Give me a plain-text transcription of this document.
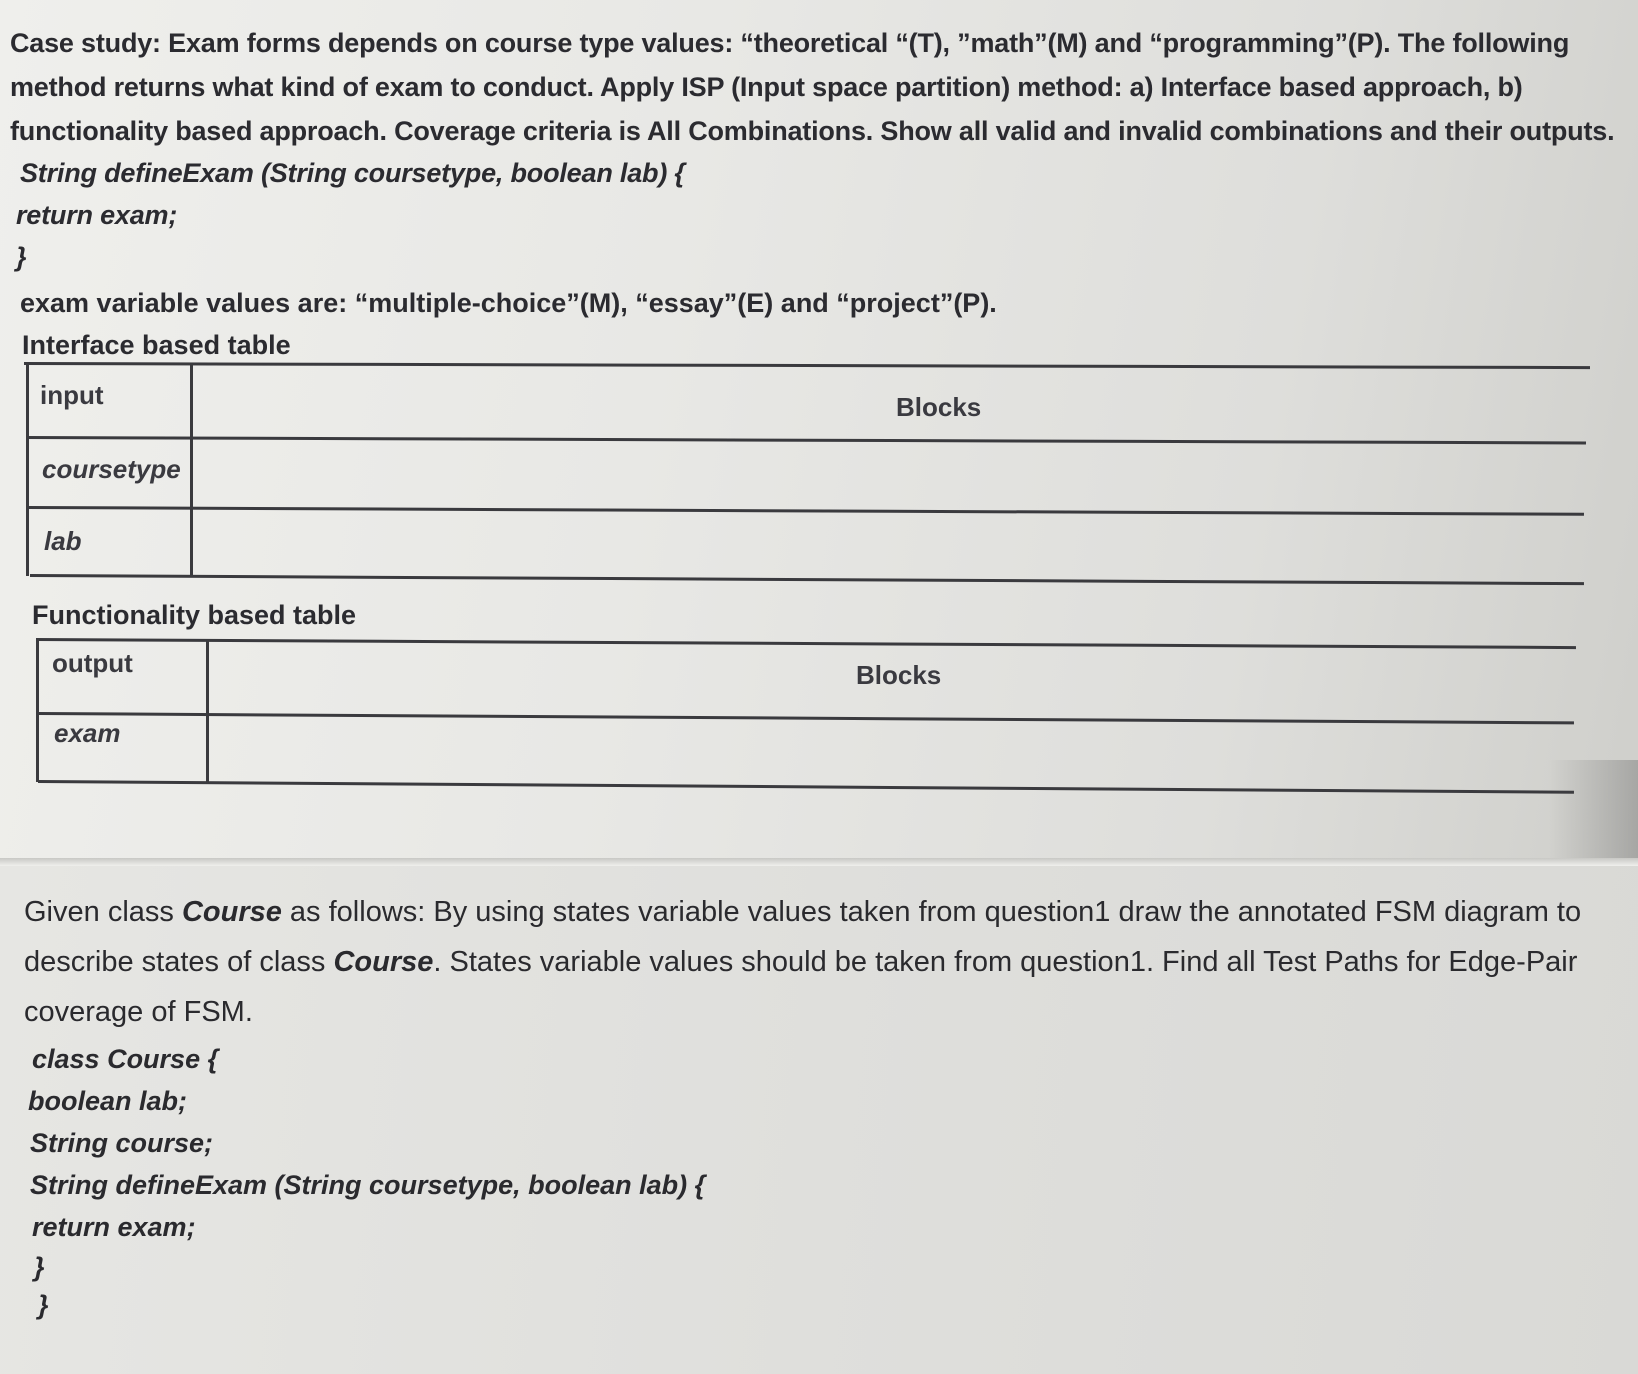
Case study: Exam forms depends on course type values: “theoretical “(T), ”math”(M) and “programming”(P). The following
method returns what kind of exam to conduct. Apply ISP (Input space partition) method: a) Interface based approach, b)
functionality based approach. Coverage criteria is All Combinations. Show all valid and invalid combinations and their outputs.
String defineExam (String coursetype, boolean lab) {
return exam;
}
exam variable values are: “multiple-choice”(M), “essay”(E) and “project”(P).
Interface based table
input	Blocks
coursetype
lab
Functionality based table
output	Blocks
exam
Given class Course as follows: By using states variable values taken from question1 draw the annotated FSM diagram to
describe states of class Course. States variable values should be taken from question1. Find all Test Paths for Edge-Pair
coverage of FSM.
class Course {
boolean lab;
String course;
String defineExam (String coursetype, boolean lab) {
return exam;
}
}
